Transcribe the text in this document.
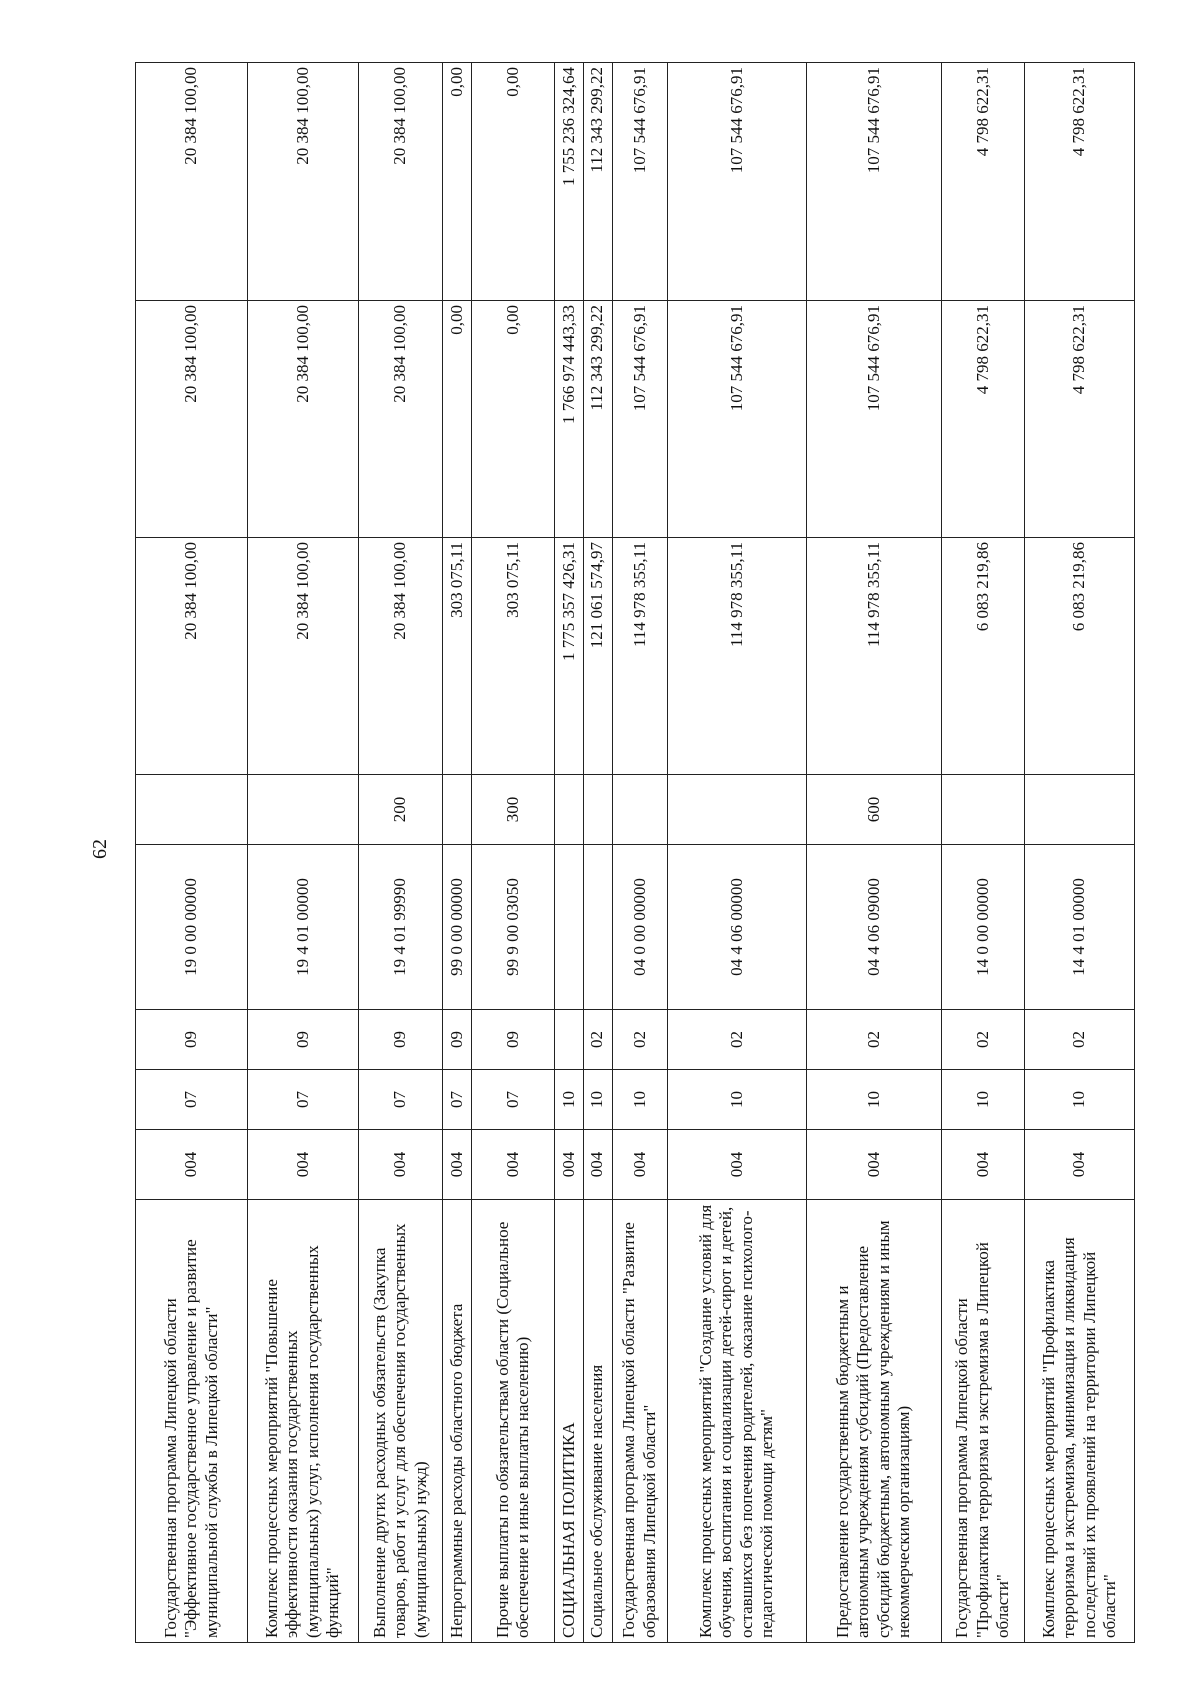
62
Государственная программа Липецкой области "Эффективное государственное управление и развитие муниципальной службы в Липецкой области"	004	07	09	19 0 00 00000		20 384 100,00	20 384 100,00	20 384 100,00
Комплекс процессных мероприятий "Повышение эффективности оказания государственных (муниципальных) услуг, исполнения государственных функций"	004	07	09	19 4 01 00000		20 384 100,00	20 384 100,00	20 384 100,00
Выполнение других расходных обязательств (Закупка товаров, работ и услуг для обеспечения государственных (муниципальных) нужд)	004	07	09	19 4 01 99990	200	20 384 100,00	20 384 100,00	20 384 100,00
Непрограммные расходы областного бюджета	004	07	09	99 0 00 00000		303 075,11	0,00	0,00
Прочие выплаты по обязательствам области (Социальное обеспечение и иные выплаты населению)	004	07	09	99 9 00 03050	300	303 075,11	0,00	0,00
СОЦИАЛЬНАЯ ПОЛИТИКА	004	10				1 775 357 426,31	1 766 974 443,33	1 755 236 324,64
Социальное обслуживание населения	004	10	02			121 061 574,97	112 343 299,22	112 343 299,22
Государственная программа Липецкой области "Развитие образования Липецкой области"	004	10	02	04 0 00 00000		114 978 355,11	107 544 676,91	107 544 676,91
Комплекс процессных мероприятий "Создание условий для обучения, воспитания и социализации детей-сирот и детей, оставшихся без попечения родителей, оказание психолого-педагогической помощи детям"	004	10	02	04 4 06 00000		114 978 355,11	107 544 676,91	107 544 676,91
Предоставление государственным бюджетным и автономным учреждениям субсидий (Предоставление субсидий бюджетным, автономным учреждениям и иным некоммерческим организациям)	004	10	02	04 4 06 09000	600	114 978 355,11	107 544 676,91	107 544 676,91
Государственная программа Липецкой области "Профилактика терроризма и экстремизма в Липецкой области"	004	10	02	14 0 00 00000		6 083 219,86	4 798 622,31	4 798 622,31
Комплекс процессных мероприятий "Профилактика терроризма и экстремизма, минимизация и ликвидация последствий их проявлений на территории Липецкой области"	004	10	02	14 4 01 00000		6 083 219,86	4 798 622,31	4 798 622,31
